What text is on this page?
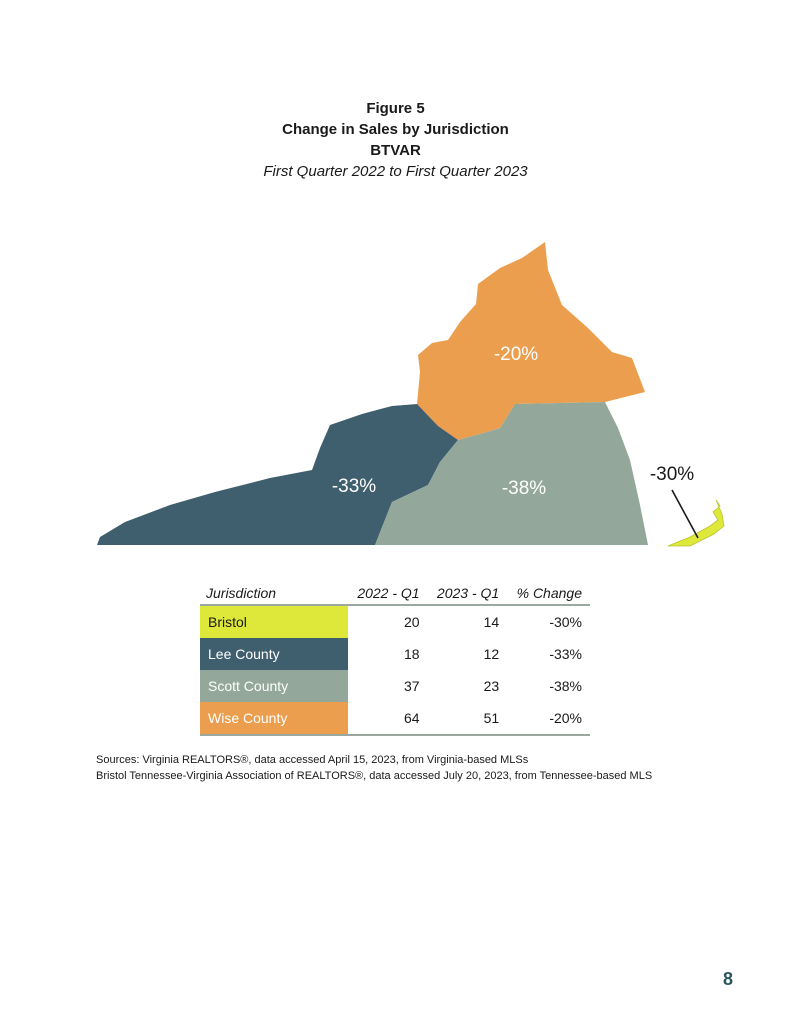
Figure 5
Change in Sales by Jurisdiction
BTVAR
First Quarter 2022 to First Quarter 2023
-20%
-33%	-38%
-30%
Jurisdiction	2022 - Q1	2023 - Q1	% Change
Bristol	20	14	-30%
Lee County	18	12	-33%
Scott County	37	23	-38%
Wise County	64	51	-20%
Sources: Virginia REALTORS®, data accessed April 15, 2023, from Virginia-based MLSs
Bristol Tennessee-Virginia Association of REALTORS®, data accessed July 20, 2023, from Tennessee-based MLS
8
